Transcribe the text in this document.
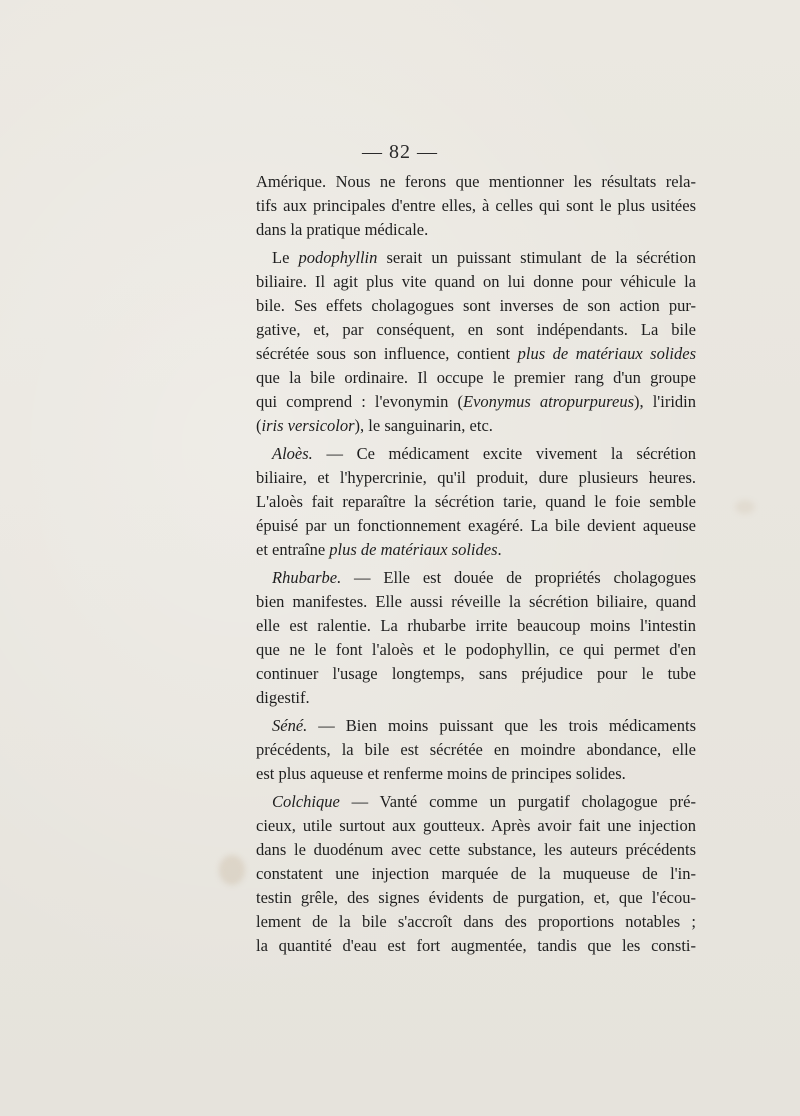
— 82 —
Amérique. Nous ne ferons que mentionner les résultats rela-
tifs aux principales d'entre elles, à celles qui sont le plus usitées
dans la pratique médicale.
Le podophyllin serait un puissant stimulant de la sécrétion
biliaire. Il agit plus vite quand on lui donne pour véhicule la
bile. Ses effets cholagogues sont inverses de son action pur-
gative, et, par conséquent, en sont indépendants. La bile
sécrétée sous son influence, contient plus de matériaux solides
que la bile ordinaire. Il occupe le premier rang d'un groupe
qui comprend : l'evonymin (Evonymus atropurpureus), l'iridin
(iris versicolor), le sanguinarin, etc.
Aloès. — Ce médicament excite vivement la sécrétion
biliaire, et l'hypercrinie, qu'il produit, dure plusieurs heures.
L'aloès fait reparaître la sécrétion tarie, quand le foie semble
épuisé par un fonctionnement exagéré. La bile devient aqueuse
et entraîne plus de matériaux solides.
Rhubarbe. — Elle est douée de propriétés cholagogues
bien manifestes. Elle aussi réveille la sécrétion biliaire, quand
elle est ralentie. La rhubarbe irrite beaucoup moins l'intestin
que ne le font l'aloès et le podophyllin, ce qui permet d'en
continuer l'usage longtemps, sans préjudice pour le tube
digestif.
Séné. — Bien moins puissant que les trois médicaments
précédents, la bile est sécrétée en moindre abondance, elle
est plus aqueuse et renferme moins de principes solides.
Colchique — Vanté comme un purgatif cholagogue pré-
cieux, utile surtout aux goutteux. Après avoir fait une injection
dans le duodénum avec cette substance, les auteurs précédents
constatent une injection marquée de la muqueuse de l'in-
testin grêle, des signes évidents de purgation, et, que l'écou-
lement de la bile s'accroît dans des proportions notables ;
la quantité d'eau est fort augmentée, tandis que les consti-
